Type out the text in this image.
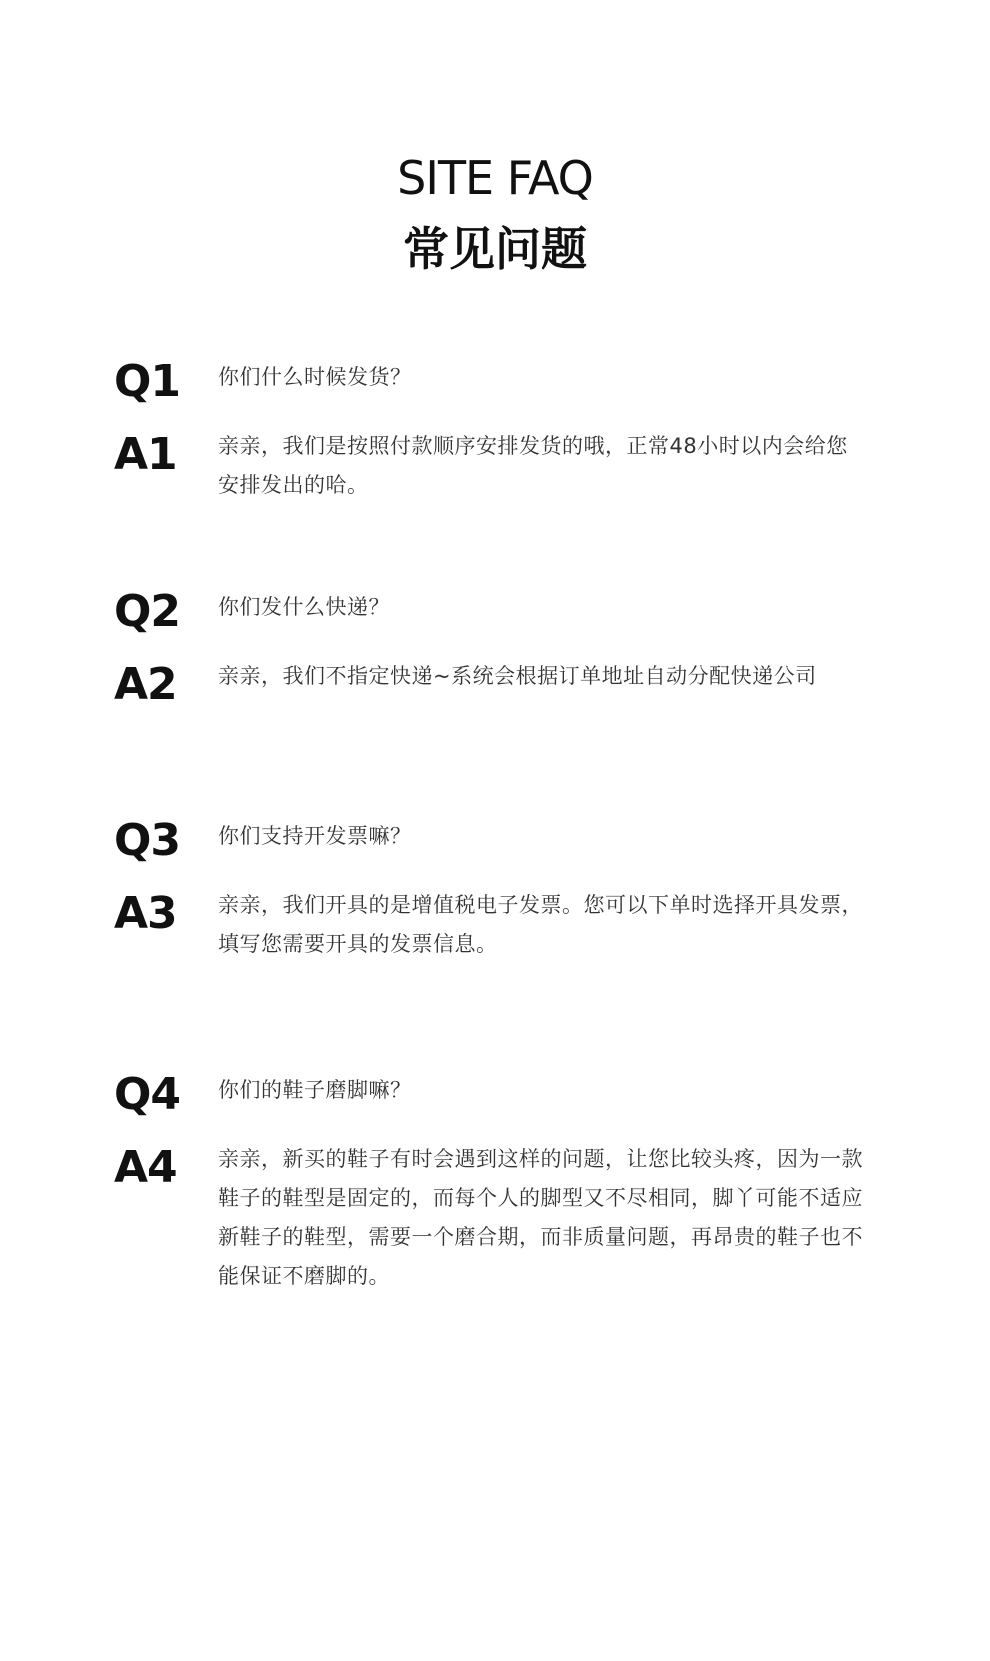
SITE FAQ
常见问题
Q1	你们什么时候发货？
A1	亲亲，我们是按照付款顺序安排发货的哦，正常48小时以内会给您安排发出的哈。
Q2	你们发什么快递？
A2	亲亲，我们不指定快递~系统会根据订单地址自动分配快递公司
Q3	你们支持开发票嘛？
A3	亲亲，我们开具的是增值税电子发票。您可以下单时选择开具发票，填写您需要开具的发票信息。
Q4	你们的鞋子磨脚嘛？
A4	亲亲，新买的鞋子有时会遇到这样的问题，让您比较头疼，因为一款鞋子的鞋型是固定的，而每个人的脚型又不尽相同，脚丫可能不适应新鞋子的鞋型，需要一个磨合期，而非质量问题，再昂贵的鞋子也不能保证不磨脚的。
